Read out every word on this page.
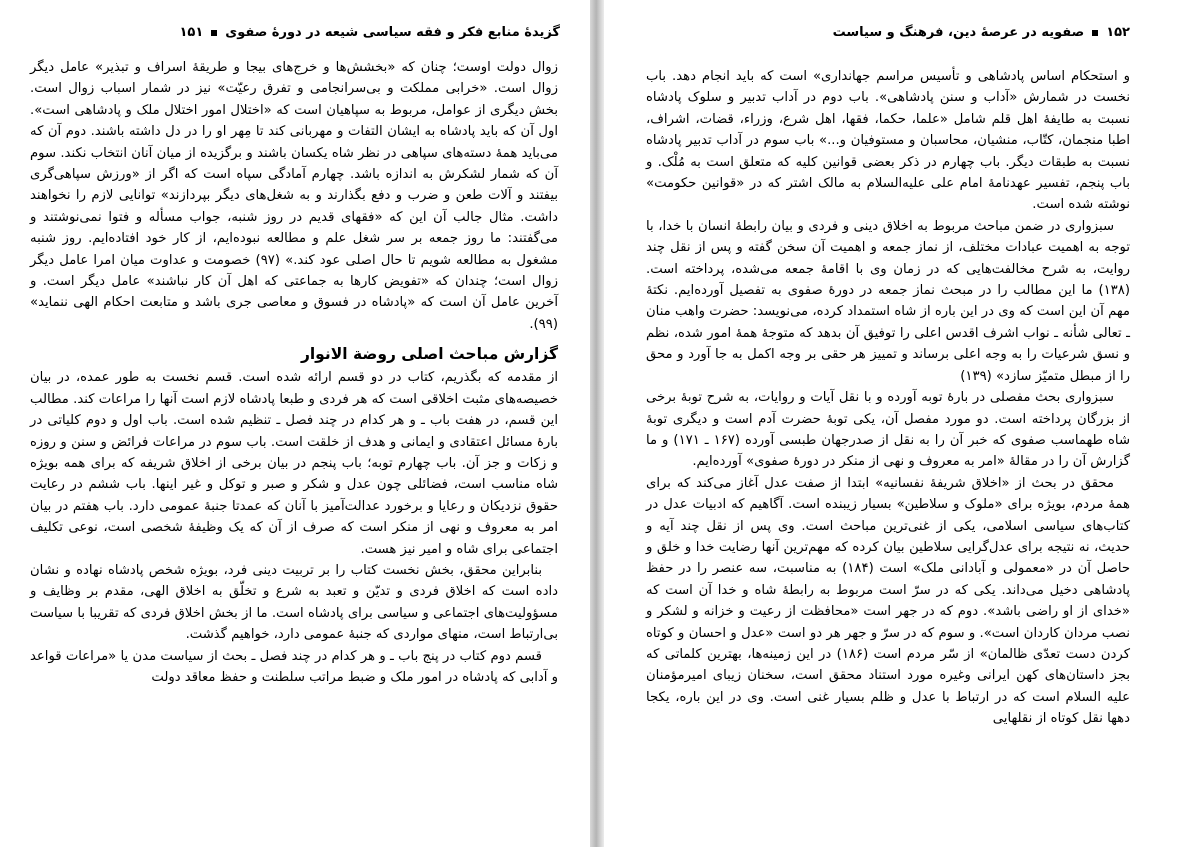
گزیدهٔ منابع فکر و فقه سیاسی شیعه در دورهٔ صفوی
۱۵۱

زوال دولت اوست؛ چنان که «بخشش‌ها و خرج‌های بیجا و طریقهٔ اسراف و تبذیر» عامل دیگر زوال است. «خرابی مملکت و بی‌سرانجامی و تفرق رعیّت» نیز در شمار اسباب زوال است. بخش دیگری از عوامل، مربوط به سپاهیان است که «اختلال امور اختلال ملک و پادشاهی است». اول آن که باید پادشاه به ایشان التفات و مهربانی کند تا مِهر او را در دل داشته باشند. دوم آن که می‌باید همهٔ دسته‌های سپاهی در نظر شاه یکسان باشند و برگزیده از میان آنان انتخاب نکند. سوم آن که شمار لشکرش به اندازه باشد. چهارم آمادگی سپاه است که اگر از «ورزش سپاهی‌گری بیفتند و آلات طعن و ضرب و دفع بگذارند و به شغل‌های دیگر بپردازند» توانایی لازم را نخواهند داشت. مثال جالب آن این که «فقهای قدیم در روز شنبه، جواب مسأله و فتوا نمی‌نوشتند و می‌گفتند: ما روز جمعه بر سر شغل علم و مطالعه نبوده‌ایم، از کار خود افتاده‌ایم. روز شنبه مشغول به مطالعه شویم تا حال اصلی عود کند.» (۹۷) خصومت و عداوت میان امرا عامل دیگر زوال است؛ چندان که «تفویض کارها به جماعتی که اهل آن کار نباشند» عامل دیگر است. و آخرین عامل آن است که «پادشاه در فسوق و معاصی جری باشد و متابعت احکام الهی ننماید» (۹۹).

گزارش مباحث اصلی روضة الانوار

از مقدمه که بگذریم، کتاب در دو قسم ارائه شده است. قسم نخست به طور عمده، در بیان خصیصه‌های مثبت اخلاقی است که هر فردی و طبعا پادشاه لازم است آنها را مراعات کند. مطالب این قسم، در هفت باب ـ و هر کدام در چند فصل ـ تنظیم شده است. باب اول و دوم کلیاتی در بارهٔ مسائل اعتقادی و ایمانی و هدف از خلقت است. باب سوم در مراعات فرائض و سنن و روزه و زکات و جز آن. باب چهارم توبه؛ باب پنجم در بیان برخی از اخلاق شریفه که برای همه بویژه شاه مناسب است، فضائلی چون عدل و شکر و صبر و توکل و غیر اینها. باب ششم در رعایت حقوق نزدیکان و رعایا و برخورد عدالت‌آمیز با آنان که عمدتا جنبهٔ عمومی دارد. باب هفتم در بیان امر به معروف و نهی از منکر است که صرف از آن که یک وظیفهٔ شخصی است، نوعی تکلیف اجتماعی برای شاه و امیر نیز هست.

بنابراین محقق، بخش نخست کتاب را بر تربیت دینی فرد، بویژه شخص پادشاه نهاده و نشان داده است که اخلاق فردی و تدیّن و تعبد به شرع و تخلّق به اخلاق الهی، مقدم بر وظایف و مسؤولیت‌های اجتماعی و سیاسی برای پادشاه است. ما از بخش اخلاق فردی که تقریبا با سیاست بی‌ارتباط است، منهای مواردی که جنبهٔ عمومی دارد، خواهیم گذشت.

قسم دوم کتاب در پنج باب ـ و هر کدام در چند فصل ـ بحث از سیاست مدن یا «مراعات قواعد و آدابی که پادشاه در امور ملک و ضبط مراتب سلطنت و حفظ معاقد دولت

۱۵۲
صفویه در عرصهٔ دین، فرهنگ و سیاست

و استحکام اساس پادشاهی و تأسیس مراسم جهانداری» است که باید انجام دهد. باب نخست در شمارش «آداب و سنن پادشاهی». باب دوم در آداب تدبیر و سلوک پادشاه نسبت به طایفهٔ اهل قلم شامل «علما، حکما، فقها، اهل شرع، وزراء، قضات، اشراف، اطبا منجمان، کتّاب، منشیان، محاسبان و مستوفیان و...» باب سوم در آداب تدبیر پادشاه نسبت به طبقات دیگر. باب چهارم در ذکر بعضی قوانین کلیه که متعلق است به مُلْک. و باب پنجم، تفسیر عهدنامهٔ امام علی علیه‌السلام به مالک اشتر که در «قوانین حکومت» نوشته شده است.

سبزواری در ضمن مباحث مربوط به اخلاق دینی و فردی و بیان رابطهٔ انسان با خدا، با توجه به اهمیت عبادات مختلف، از نماز جمعه و اهمیت آن سخن گفته و پس از نقل چند روایت، به شرح مخالفت‌هایی که در زمان وی با اقامهٔ جمعه می‌شده، پرداخته است. (۱۳۸) ما این مطالب را در مبحث نماز جمعه در دورهٔ صفوی به تفصیل آورده‌ایم. نکتهٔ مهم آن این است که وی در این باره از شاه استمداد کرده، می‌نویسد: حضرت واهب منان ـ تعالی شأنه ـ نواب اشرف اقدس اعلی را توفیق آن بدهد که متوجهٔ همهٔ امور شده، نظم و نسق شرعیات را به وجه اعلی برساند و تمییز هر حقی بر وجه اکمل به جا آورد و محق را از مبطل متمیّز سازد» (۱۳۹)

سبزواری بحث مفصلی در بارهٔ توبه آورده و با نقل آیات و روایات، به شرح توبهٔ برخی از بزرگان پرداخته است. دو مورد مفصل آن، یکی توبهٔ حضرت آدم است و دیگری توبهٔ شاه طهماسب صفوی که خبر آن را به نقل از صدرجهان طبسی آورده (۱۶۷ ـ ۱۷۱) و ما گزارش آن را در مقالهٔ «امر به معروف و نهی از منکر در دورهٔ صفوی» آورده‌ایم.

محقق در بحث از «اخلاق شریفهٔ نفسانیه» ابتدا از صفت عدل آغاز می‌کند که برای همهٔ مردم، بویژه برای «ملوک و سلاطین» بسیار زیبنده است. آگاهیم که ادبیات عدل در کتاب‌های سیاسی اسلامی، یکی از غنی‌ترین مباحث است. وی پس از نقل چند آیه و حدیث، نه نتیجه برای عدل‌گرایی سلاطین بیان کرده که مهم‌ترین آنها رضایت خدا و خلق و حاصل آن در «معمولی و آبادانی ملک» است (۱۸۴) به مناسبت، سه عنصر را در حفظ پادشاهی دخیل می‌داند. یکی که در سرّ است مربوط به رابطهٔ شاه و خدا آن است که «خدای از او راضی باشد». دوم که در جهر است «محافظت از رعیت و خزانه و لشکر و نصب مردان کاردان است». و سوم که در سرّ و جهر هر دو است «عدل و احسان و کوتاه کردن دست تعدّی ظالمان» از سّر مردم است (۱۸۶) در این زمینه‌ها، بهترین کلماتی که بجز داستان‌های کهن ایرانی وغیره مورد استناد محقق است، سخنان زیبای امیرمؤمنان علیه السلام است که در ارتباط با عدل و ظلم بسیار غنی است. وی در این باره، یکجا دهها نقل کوتاه از نقلهایی
